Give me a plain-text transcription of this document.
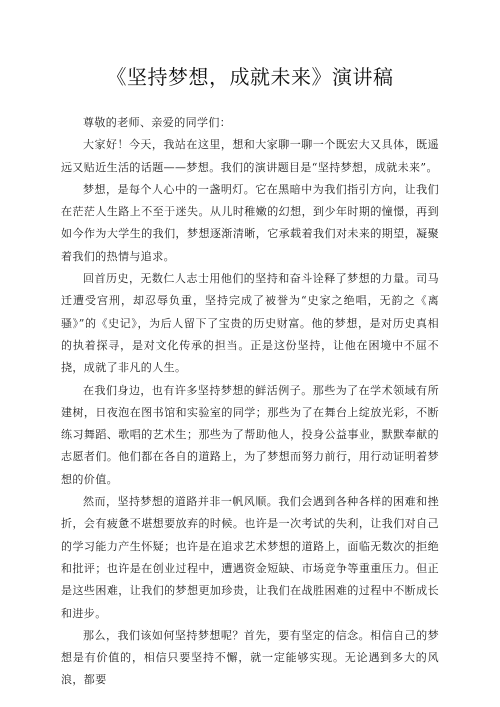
《坚持梦想，成就未来》演讲稿

尊敬的老师、亲爱的同学们：

大家好！今天，我站在这里，想和大家聊一聊一个既宏大又具体，既遥远又贴近生活的话题——梦想。我们的演讲题目是“坚持梦想，成就未来”。

梦想，是每个人心中的一盏明灯。它在黑暗中为我们指引方向，让我们在茫茫人生路上不至于迷失。从儿时稚嫩的幻想，到少年时期的憧憬，再到如今作为大学生的我们，梦想逐渐清晰，它承载着我们对未来的期望，凝聚着我们的热情与追求。

回首历史，无数仁人志士用他们的坚持和奋斗诠释了梦想的力量。司马迁遭受宫刑，却忍辱负重，坚持完成了被誉为“史家之绝唱，无韵之《离骚》”的《史记》，为后人留下了宝贵的历史财富。他的梦想，是对历史真相的执着探寻，是对文化传承的担当。正是这份坚持，让他在困境中不屈不挠，成就了非凡的人生。

在我们身边，也有许多坚持梦想的鲜活例子。那些为了在学术领域有所建树，日夜泡在图书馆和实验室的同学；那些为了在舞台上绽放光彩，不断练习舞蹈、歌唱的艺术生；那些为了帮助他人，投身公益事业，默默奉献的志愿者们。他们都在各自的道路上，为了梦想而努力前行，用行动证明着梦想的价值。

然而，坚持梦想的道路并非一帆风顺。我们会遇到各种各样的困难和挫折，会有疲惫不堪想要放弃的时候。也许是一次考试的失利，让我们对自己的学习能力产生怀疑；也许是在追求艺术梦想的道路上，面临无数次的拒绝和批评；也许是在创业过程中，遭遇资金短缺、市场竞争等重重压力。但正是这些困难，让我们的梦想更加珍贵，让我们在战胜困难的过程中不断成长和进步。

那么，我们该如何坚持梦想呢？首先，要有坚定的信念。相信自己的梦想是有价值的，相信只要坚持不懈，就一定能够实现。无论遇到多大的风浪，都要
